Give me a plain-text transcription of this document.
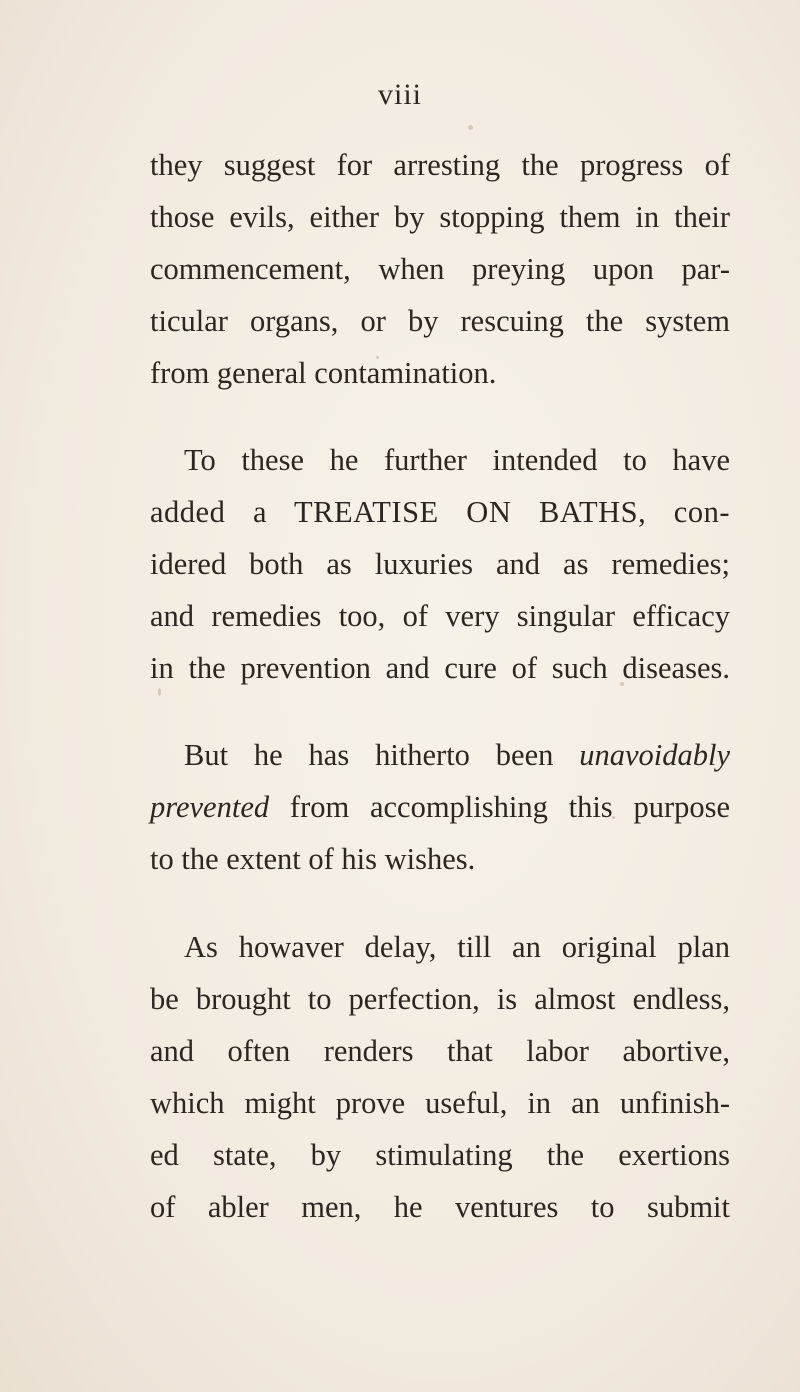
viii
they suggest for arresting the progress of
those evils, either by stopping them in their
commencement, when preying upon par-
ticular organs, or by rescuing the system
from general contamination.
To these he further intended to have
added a TREATISE ON BATHS, con-
idered both as luxuries and as remedies;
and remedies too, of very singular efficacy
in the prevention and cure of such diseases.
But he has hitherto been unavoidably
prevented from accomplishing this purpose
to the extent of his wishes.
As howaver delay, till an original plan
be brought to perfection, is almost endless,
and often renders that labor abortive,
which might prove useful, in an unfinish-
ed state, by stimulating the exertions
of abler men, he ventures to submit
